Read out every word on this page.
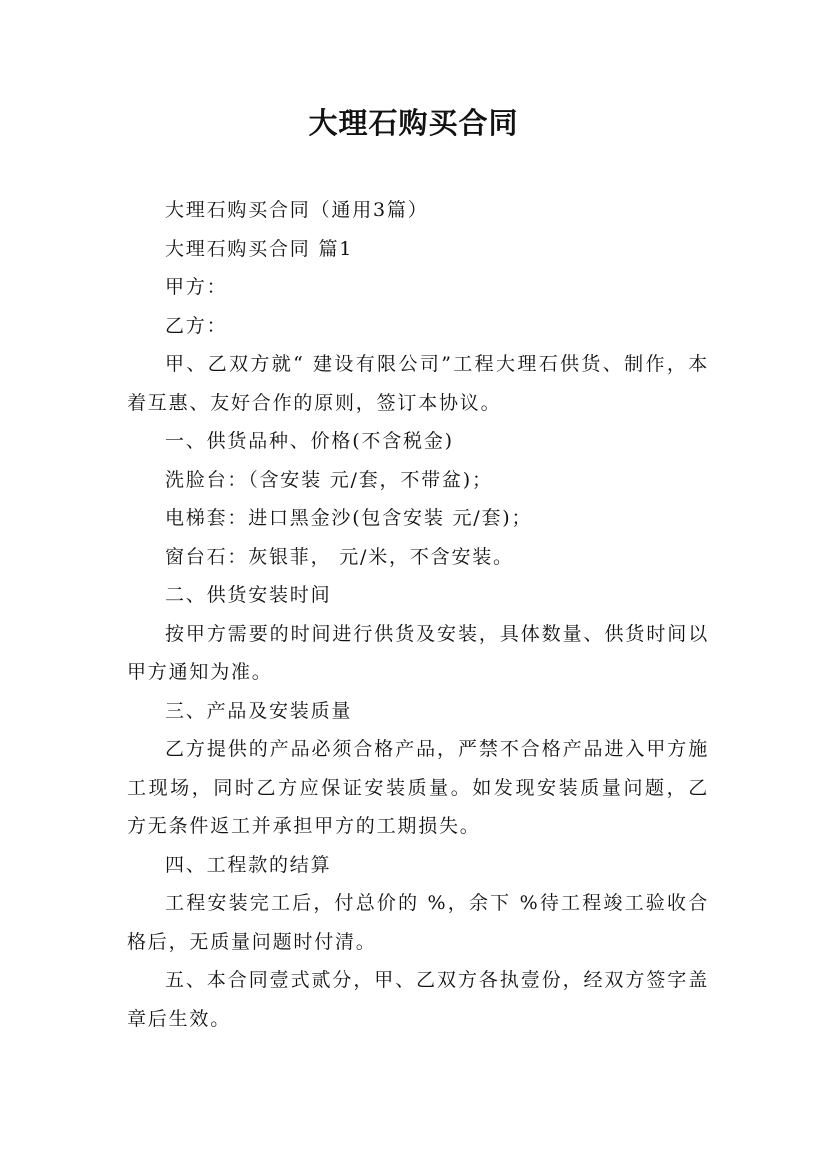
大理石购买合同

大理石购买合同（通用3篇）

大理石购买合同 篇1

甲方：

乙方：

甲、乙双方就“ 建设有限公司”工程大理石供货、制作，本着互惠、友好合作的原则，签订本协议。

一、供货品种、价格(不含税金)

洗脸台：（含安装 元/套，不带盆)；

电梯套：进口黑金沙(包含安装 元/套)；

窗台石：灰银菲， 元/米，不含安装。

二、供货安装时间

按甲方需要的时间进行供货及安装，具体数量、供货时间以甲方通知为准。

三、产品及安装质量

乙方提供的产品必须合格产品，严禁不合格产品进入甲方施工现场，同时乙方应保证安装质量。如发现安装质量问题，乙方无条件返工并承担甲方的工期损失。

四、工程款的结算

工程安装完工后，付总价的 %，余下 %待工程竣工验收合格后，无质量问题时付清。

五、本合同壹式贰分，甲、乙双方各执壹份，经双方签字盖章后生效。
